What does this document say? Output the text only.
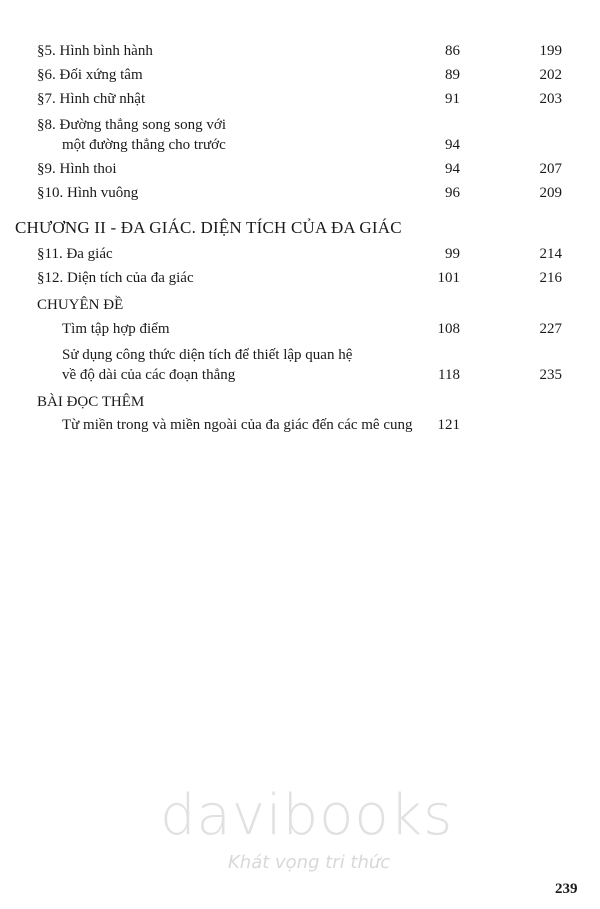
§5. Hình bình hành	86	199
§6. Đối xứng tâm	89	202
§7. Hình chữ nhật	91	203
§8. Đường thẳng song song với
một đường thẳng cho trước	94
§9. Hình thoi	94	207
§10. Hình vuông	96	209
CHƯƠNG II - ĐA GIÁC. DIỆN TÍCH CỦA ĐA GIÁC
§11. Đa giác	99	214
§12. Diện tích của đa giác	101	216
CHUYÊN ĐỀ
Tìm tập hợp điểm	108	227
Sử dụng công thức diện tích để thiết lập quan hệ
về độ dài của các đoạn thẳng	118	235
BÀI ĐỌC THÊM
Từ miền trong và miền ngoài của đa giác đến các mê cung	121
davibooks
Khát vọng tri thức
239
